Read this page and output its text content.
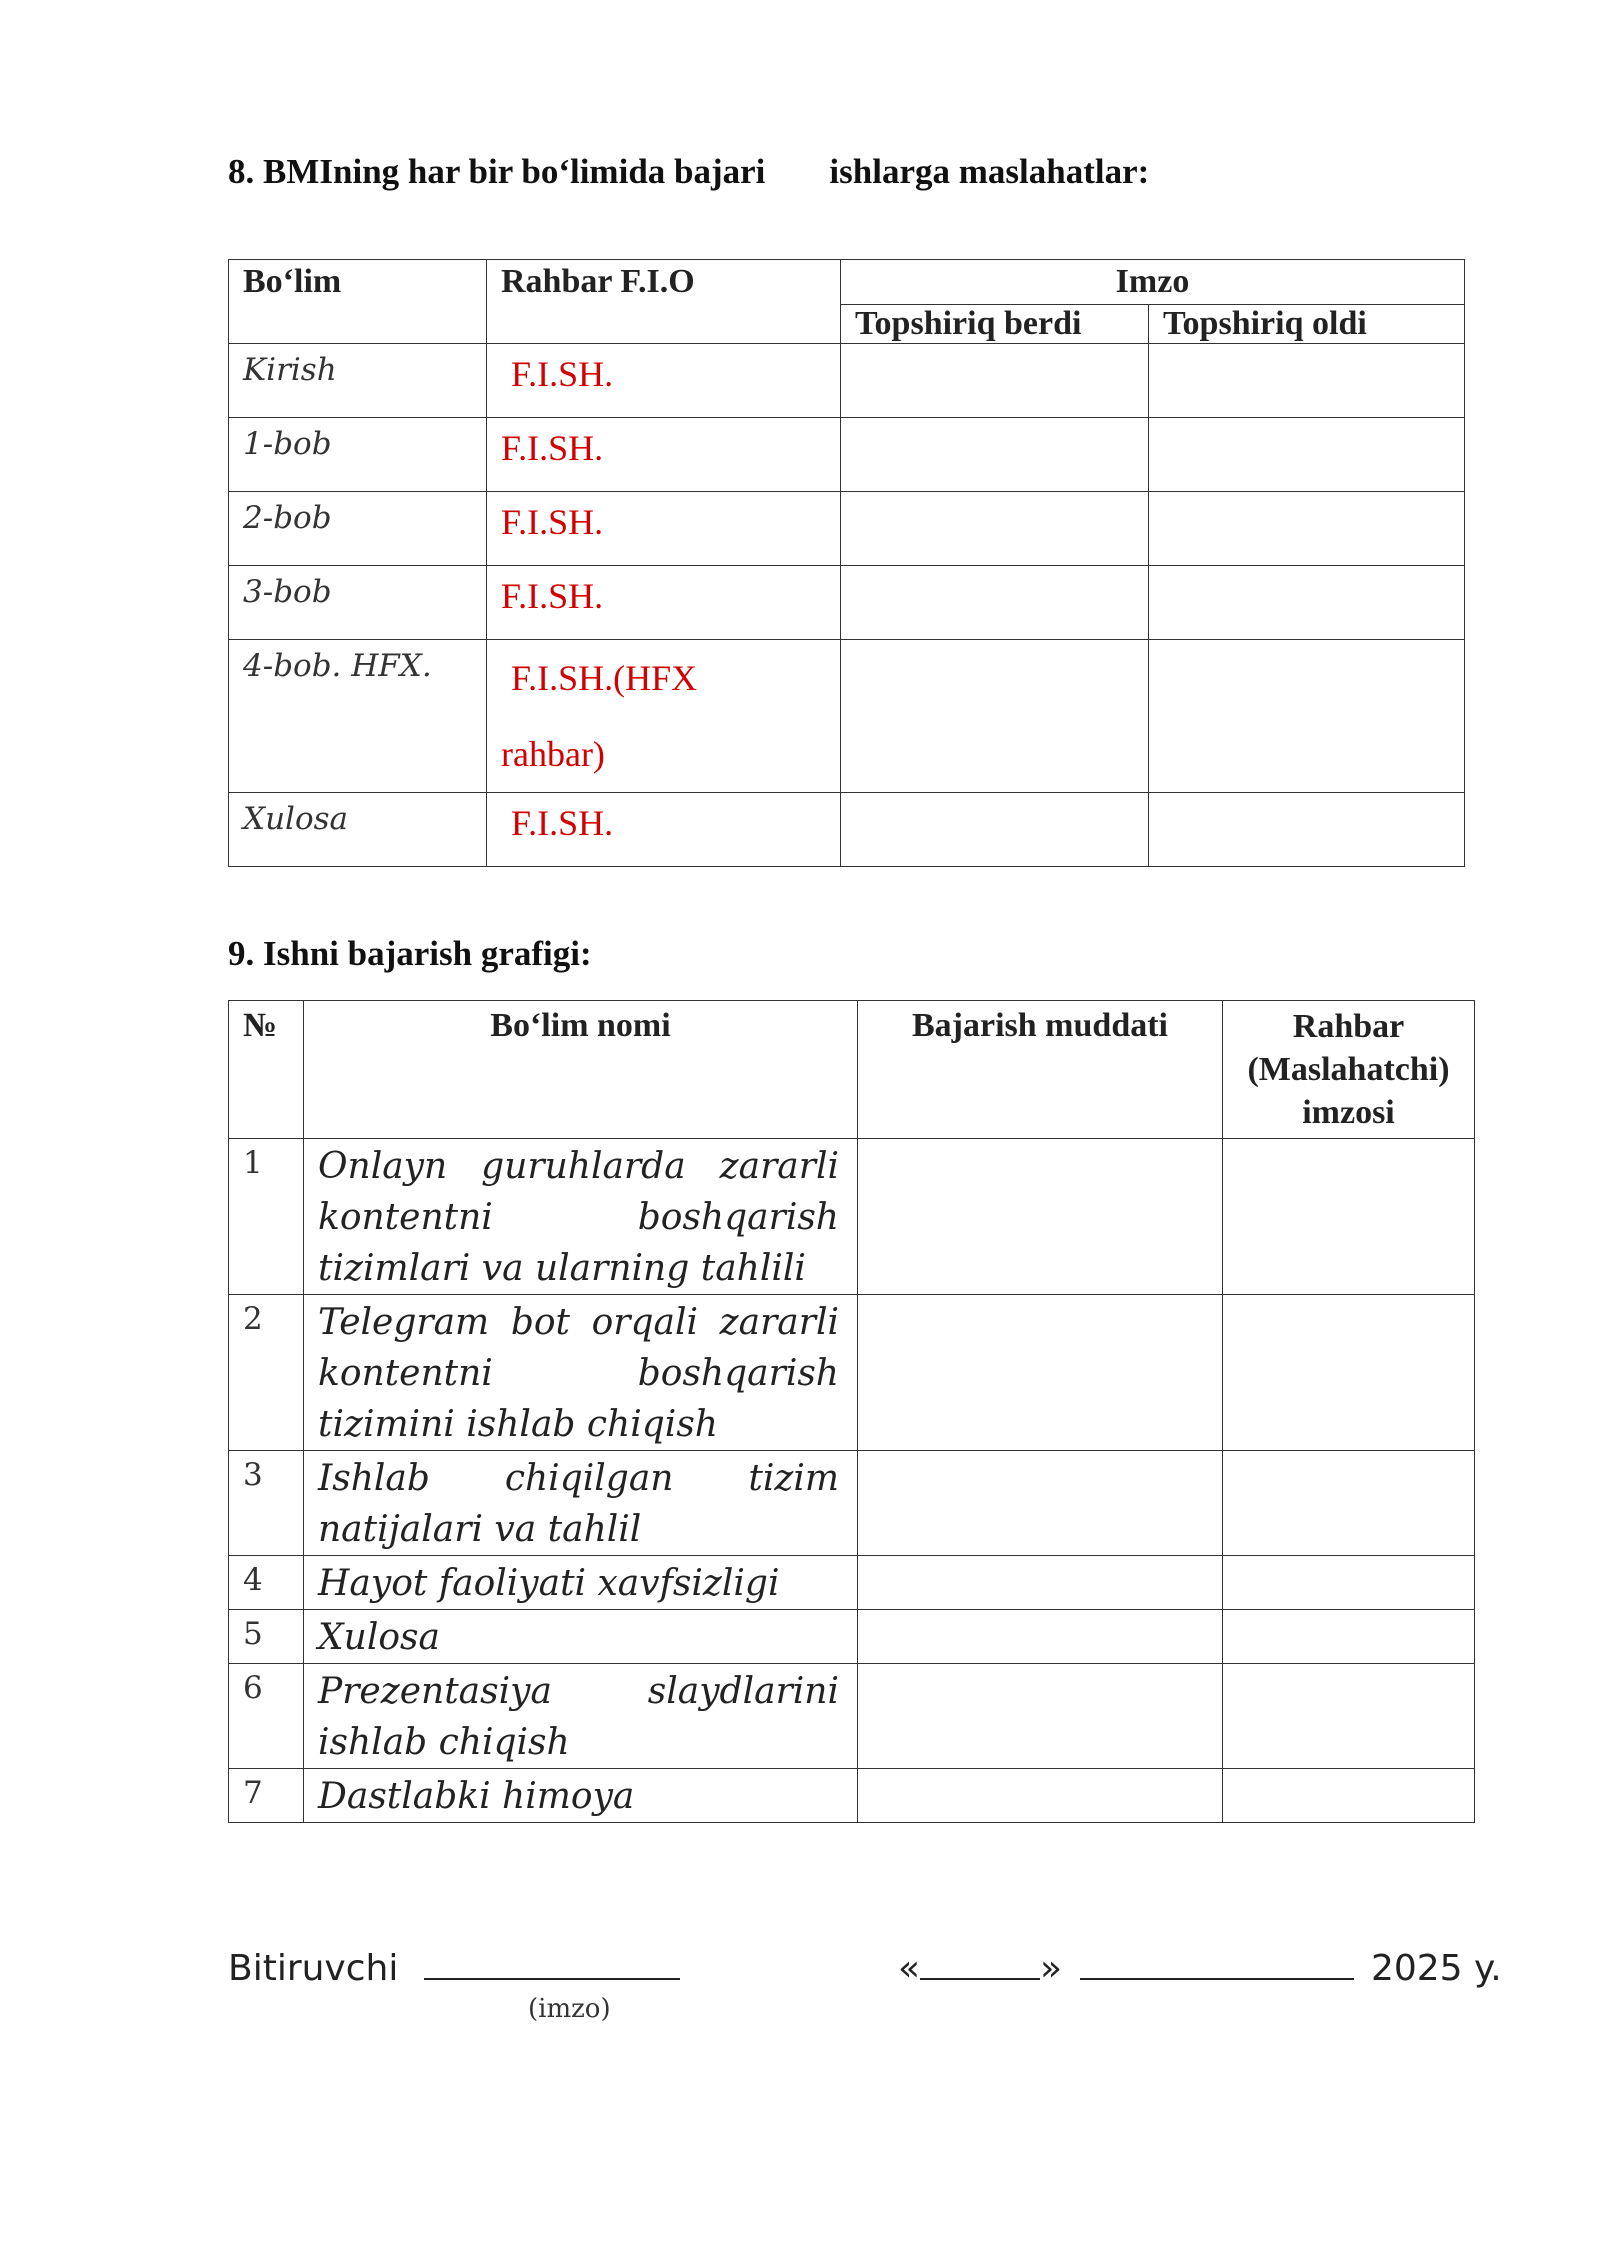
8. BMIning har bir bo‘limida bajari ishlarga maslahatlar:
Bo‘lim	Rahbar F.I.O	Imzo	
		Topshiriq berdi	Topshiriq oldi
Kirish	F.I.SH.		
1-bob	F.I.SH.		
2-bob	F.I.SH.		
3-bob	F.I.SH.		
4-bob. HFX.	F.I.SH.(HFX
rahbar)		
Xulosa	F.I.SH.		
9. Ishni bajarish grafigi:
№	Bo‘lim nomi	Bajarish muddati	Rahbar
(Maslahatchi)
imzosi
1	Onlayn guruhlarda zararli kontentni boshqarish tizimlari va ularning tahlili		
2	Telegram bot orqali zararli kontentni boshqarish tizimini ishlab chiqish		
3	Ishlab chiqilgan tizim natijalari va tahlil		
4	Hayot faoliyati xavfsizligi		
5	Xulosa		
6	Prezentasiya slaydlarini ishlab chiqish		
7	Dastlabki himoya		
Bitiruvchi
(imzo)
«	»	2025 y.
